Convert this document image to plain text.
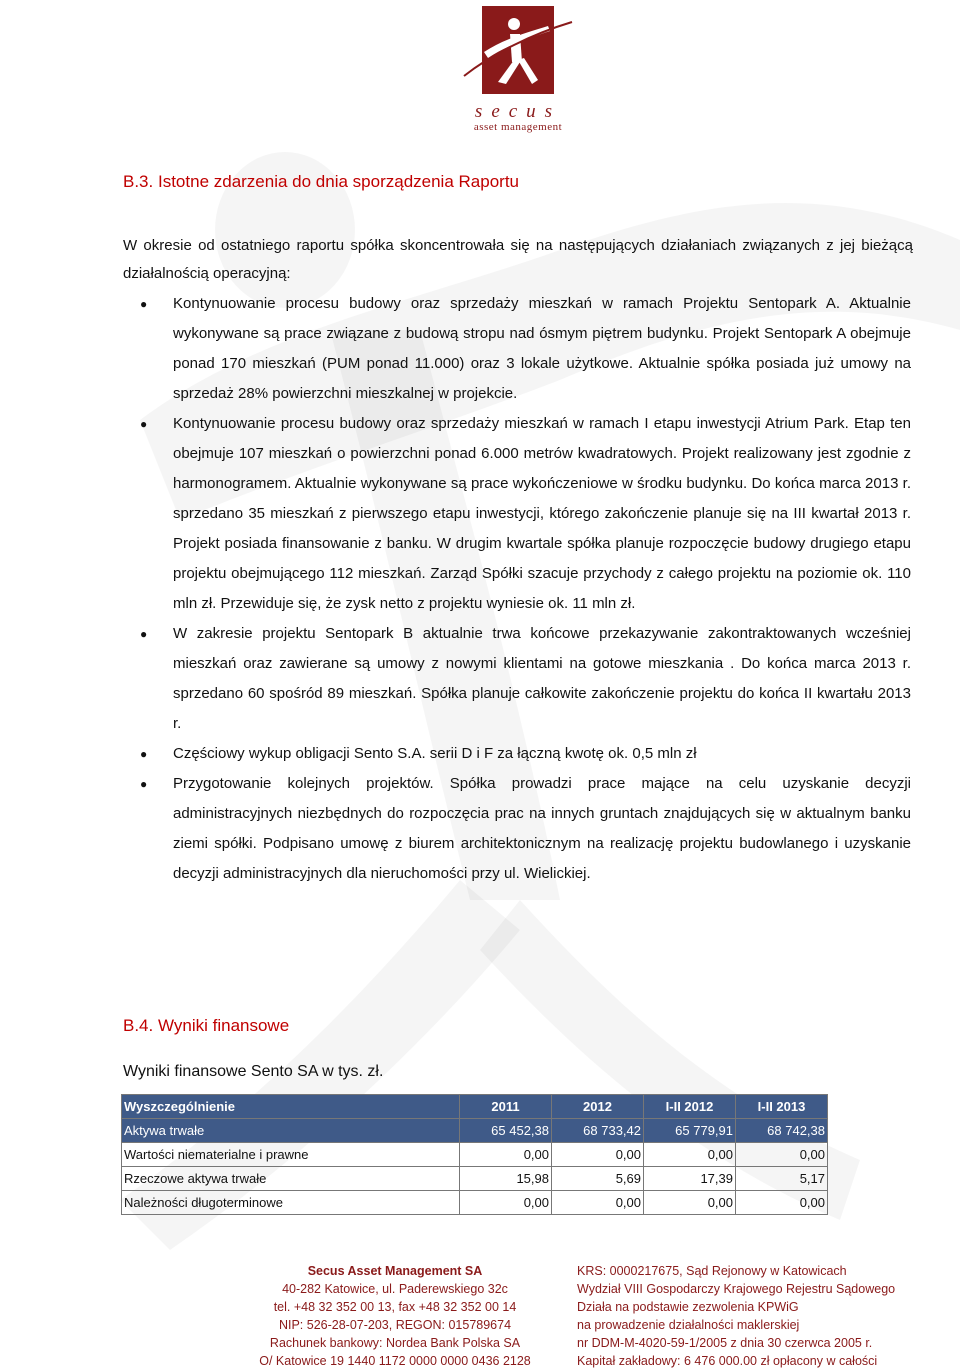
secus
asset management
B.3. Istotne zdarzenia do dnia sporządzenia Raportu
W okresie od ostatniego raportu spółka skoncentrowała się na następujących działaniach związanych z jej bieżącą działalnością operacyjną:
● Kontynuowanie procesu budowy oraz sprzedaży mieszkań w ramach Projektu Sentopark A. Aktualnie wykonywane są prace związane z budową stropu nad ósmym piętrem budynku. Projekt Sentopark A obejmuje ponad 170 mieszkań (PUM ponad 11.000) oraz 3 lokale użytkowe. Aktualnie spółka posiada już umowy na sprzedaż 28% powierzchni mieszkalnej w projekcie.
● Kontynuowanie procesu budowy oraz sprzedaży mieszkań w ramach I etapu inwestycji Atrium Park. Etap ten obejmuje 107 mieszkań o powierzchni ponad 6.000 metrów kwadratowych. Projekt realizowany jest zgodnie z harmonogramem. Aktualnie wykonywane są prace wykończeniowe w środku budynku. Do końca marca 2013 r. sprzedano 35 mieszkań z pierwszego etapu inwestycji, którego zakończenie planuje się na III kwartał 2013 r. Projekt posiada finansowanie z banku. W drugim kwartale spółka planuje rozpoczęcie budowy drugiego etapu projektu obejmującego 112 mieszkań. Zarząd Spółki szacuje przychody z całego projektu na poziomie ok. 110 mln zł. Przewiduje się, że zysk netto z projektu wyniesie ok. 11 mln zł.
● W zakresie projektu Sentopark B aktualnie trwa końcowe przekazywanie zakontraktowanych wcześniej mieszkań oraz zawierane są umowy z nowymi klientami na gotowe mieszkania . Do końca marca 2013 r. sprzedano 60 spośród 89 mieszkań. Spółka planuje całkowite zakończenie projektu do końca II kwartału 2013 r.
● Częściowy wykup obligacji Sento S.A. serii D i F za łączną kwotę ok. 0,5 mln zł
● Przygotowanie kolejnych projektów. Spółka prowadzi prace mające na celu uzyskanie decyzji administracyjnych niezbędnych do rozpoczęcia prac na innych gruntach znajdujących się w aktualnym banku ziemi spółki. Podpisano umowę z biurem architektonicznym na realizację projektu budowlanego i uzyskanie decyzji administracyjnych dla nieruchomości przy ul. Wielickiej.
B.4. Wyniki finansowe
Wyniki finansowe Sento SA w tys. zł.
Wyszczególnienie	2011	2012	I-II 2012	I-II 2013
Aktywa trwałe	65 452,38	68 733,42	65 779,91	68 742,38
Wartości niematerialne i prawne	0,00	0,00	0,00	0,00
Rzeczowe aktywa trwałe	15,98	5,69	17,39	5,17
Należności długoterminowe	0,00	0,00	0,00	0,00
Secus Asset Management SA
40-282 Katowice, ul. Paderewskiego 32c
tel. +48 32 352 00 13, fax +48 32 352 00 14
NIP: 526-28-07-203, REGON: 015789674
Rachunek bankowy: Nordea Bank Polska SA
O/ Katowice 19 1440 1172 0000 0000 0436 2128
KRS: 0000217675, Sąd Rejonowy w Katowicach
Wydział VIII Gospodarczy Krajowego Rejestru Sądowego
Działa na podstawie zezwolenia KPWiG
na prowadzenie działalności maklerskiej
nr DDM-M-4020-59-1/2005 z dnia 30 czerwca 2005 r.
Kapitał zakładowy: 6 476 000.00 zł opłacony w całości
